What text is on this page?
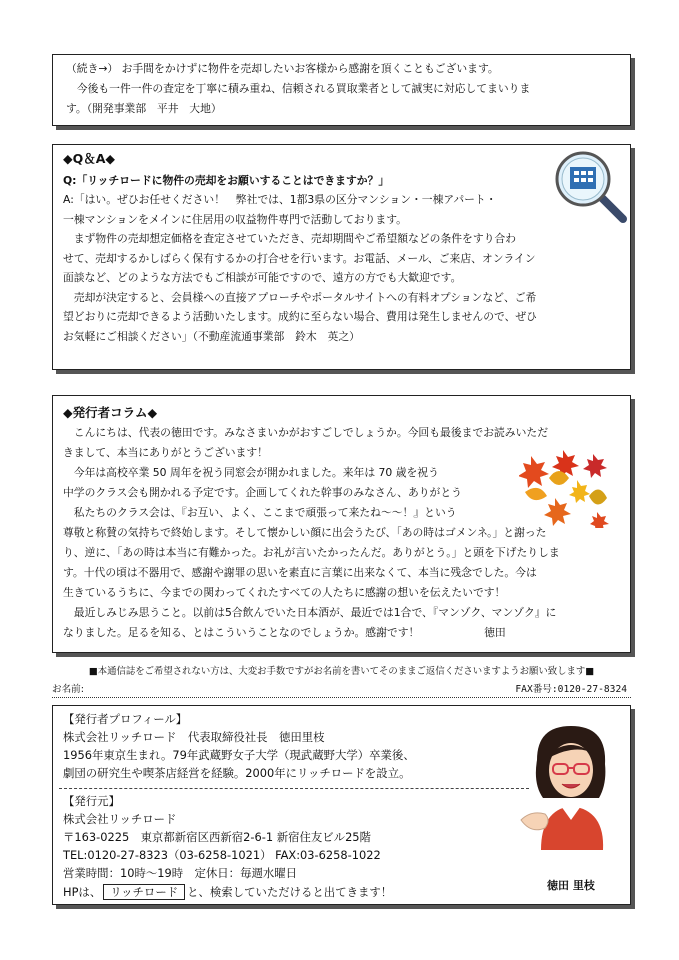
（続き→） お手間をかけずに物件を売却したいお客様から感謝を頂くこともございます。

　今後も一件一件の査定を丁寧に積み重ね、信頼される買取業者として誠実に対応してまいりま

す。（開発事業部　平井　大地）

◆Q＆A◆

Q:「リッチロードに物件の売却をお願いすることはできますか？」

A:「はい。ぜひお任せください！　弊社では、1都3県の区分マンション・一棟アパート・

一棟マンションをメインに住居用の収益物件専門で活動しております。

　まず物件の売却想定価格を査定させていただき、売却期間やご希望額などの条件をすり合わ

せて、売却するかしばらく保有するかの打合せを行います。お電話、メール、ご来店、オンライン

面談など、どのような方法でもご相談が可能ですので、遠方の方でも大歓迎です。

　売却が決定すると、会員様への直接アプローチやポータルサイトへの有料オプションなど、ご希

望どおりに売却できるよう活動いたします。成約に至らない場合、費用は発生しませんので、ぜひ

お気軽にご相談ください」（不動産流通事業部　鈴木　英之）

◆発行者コラム◆

　こんにちは、代表の徳田です。みなさまいかがおすごしでしょうか。今回も最後までお読みいただ

きまして、本当にありがとうございます！

　今年は高校卒業 50 周年を祝う同窓会が開かれました。来年は 70 歳を祝う

中学のクラス会も開かれる予定です。企画してくれた幹事のみなさん、ありがとう

　私たちのクラス会は、『お互い、よく、ここまで頑張って来たね～～！』という

尊敬と称賛の気持ちで終始します。そして懐かしい顔に出会うたび、「あの時はゴメンネ。」と謝った

り、逆に、「あの時は本当に有難かった。お礼が言いたかったんだ。ありがとう。」と頭を下げたりしま

す。十代の頃は不器用で、感謝や謝罪の思いを素直に言葉に出来なくて、本当に残念でした。今は

生きているうちに、今までの関わってくれたすべての人たちに感謝の想いを伝えたいです！

　最近しみじみ思うこと。以前は5合飲んでいた日本酒が、最近では1合で、『マンゾク、マンゾク』に

なりました。足るを知る、とはこういうことなのでしょうか。感謝です！　　　　　　徳田

■本通信誌をご希望されない方は、大変お手数ですがお名前を書いてそのままご返信くださいますようお願い致します■

お名前:	FAX番号:0120-27-8324

【発行者プロフィール】

株式会社リッチロード　代表取締役社長　徳田里枝

1956年東京生まれ。79年武蔵野女子大学（現武蔵野大学）卒業後、

劇団の研究生や喫茶店経営を経験。2000年にリッチロードを設立。

【発行元】

株式会社リッチロード

〒163-0225　東京都新宿区西新宿2-6-1 新宿住友ビル25階

TEL:0120-27-8323（03-6258-1021） FAX:03-6258-1022

営業時間：10時～19時　定休日：毎週水曜日

HPは、 リッチロード と、検索していただけると出てきます！	徳田 里枝
